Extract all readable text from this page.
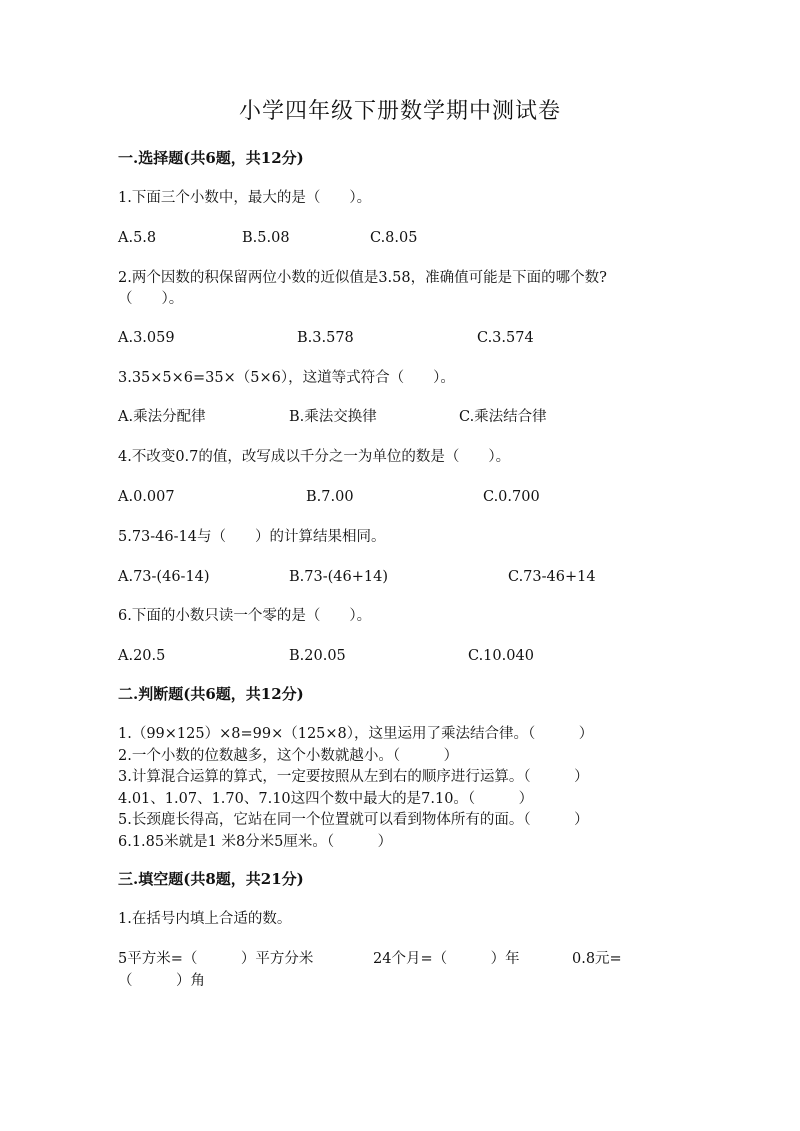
小学四年级下册数学期中测试卷
一.选择题(共6题，共12分)
1.下面三个小数中，最大的是（　　）。
A.5.8	B.5.08	C.8.05
2.两个因数的积保留两位小数的近似值是3.58，准确值可能是下面的哪个数?
（　　）。
A.3.059	B.3.578	C.3.574
3.35×5×6=35×（5×6），这道等式符合（　　）。
A.乘法分配律	B.乘法交换律	C.乘法结合律
4.不改变0.7的值，改写成以千分之一为单位的数是（　　）。
A.0.007	B.7.00	C.0.700
5.73-46-14与（　　）的计算结果相同。
A.73-(46-14)	B.73-(46+14)	C.73-46+14
6.下面的小数只读一个零的是（　　）。
A.20.5	B.20.05	C.10.040
二.判断题(共6题，共12分)
1.（99×125）×8=99×（125×8），这里运用了乘法结合律。（　　　）
2.一个小数的位数越多，这个小数就越小。（　　　）
3.计算混合运算的算式，一定要按照从左到右的顺序进行运算。（　　　）
4.01、1.07、1.70、7.10这四个数中最大的是7.10。（　　　）
5.长颈鹿长得高，它站在同一个位置就可以看到物体所有的面。（　　　）
6.1.85米就是1 米8分米5厘米。（　　　）
三.填空题(共8题，共21分)
1.在括号内填上合适的数。
5平方米=（　　　）平方分米	24个月=（　　　）年	0.8元=
（　　　）角
